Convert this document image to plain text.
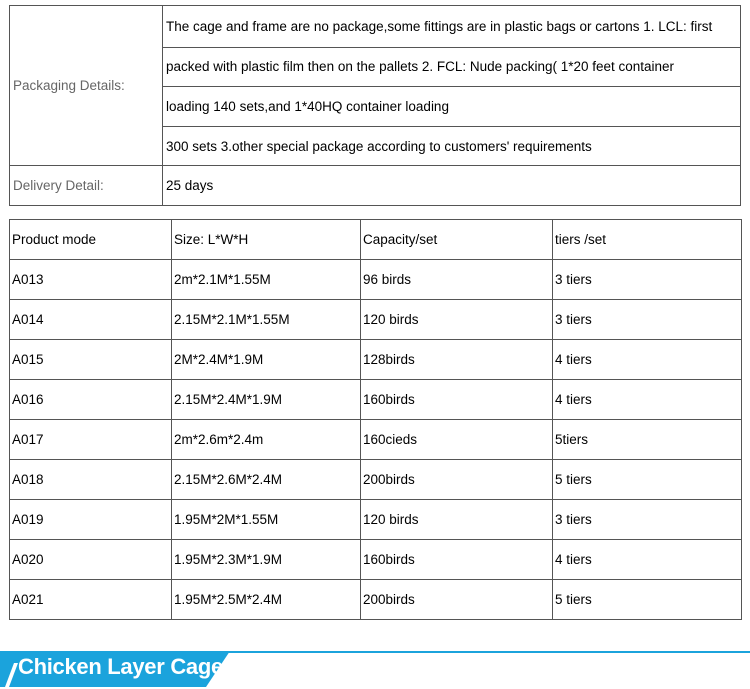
Packaging Details:	The cage and frame are no package,some fittings are in plastic bags or cartons 1. LCL: first
	packed with plastic film then on the pallets 2. FCL: Nude packing( 1*20 feet container
	loading 140 sets,and 1*40HQ container loading
	300 sets 3.other special package according to customers' requirements
Delivery Detail:	25 days
Product mode	Size: L*W*H	Capacity/set	tiers /set
A013	2m*2.1M*1.55M	96 birds	3 tiers
A014	2.15M*2.1M*1.55M	120 birds	3 tiers
A015	2M*2.4M*1.9M	128birds	4 tiers
A016	2.15M*2.4M*1.9M	160birds	4 tiers
A017	2m*2.6m*2.4m	160cieds	5tiers
A018	2.15M*2.6M*2.4M	200birds	5 tiers
A019	1.95M*2M*1.55M	120 birds	3 tiers
A020	1.95M*2.3M*1.9M	160birds	4 tiers
A021	1.95M*2.5M*2.4M	200birds	5 tiers
Chicken Layer Cage
